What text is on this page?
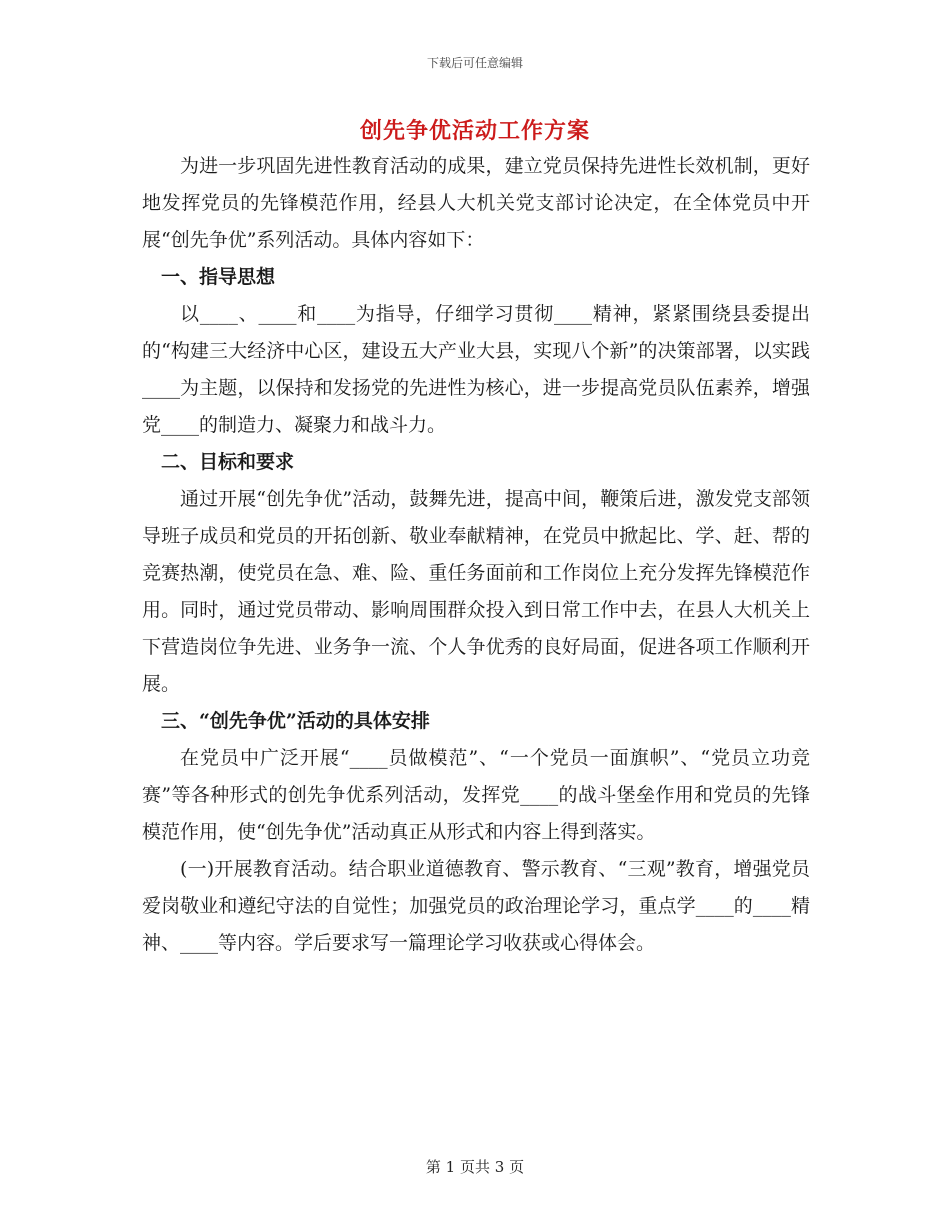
下载后可任意编辑
创先争优活动工作方案

为进一步巩固先进性教育活动的成果，建立党员保持先进性长效机制，更好地发挥党员的先锋模范作用，经县人大机关党支部讨论决定，在全体党员中开展“创先争优”系列活动。具体内容如下：

一、指导思想

以____、____和____为指导，仔细学习贯彻____精神，紧紧围绕县委提出的“构建三大经济中心区，建设五大产业大县，实现八个新”的决策部署，以实践____为主题，以保持和发扬党的先进性为核心，进一步提高党员队伍素养，增强党____的制造力、凝聚力和战斗力。

二、目标和要求

通过开展“创先争优”活动，鼓舞先进，提高中间，鞭策后进，激发党支部领导班子成员和党员的开拓创新、敬业奉献精神，在党员中掀起比、学、赶、帮的竞赛热潮，使党员在急、难、险、重任务面前和工作岗位上充分发挥先锋模范作用。同时，通过党员带动、影响周围群众投入到日常工作中去，在县人大机关上下营造岗位争先进、业务争一流、个人争优秀的良好局面，促进各项工作顺利开展。

三、“创先争优”活动的具体安排

在党员中广泛开展“____员做模范”、“一个党员一面旗帜”、“党员立功竞赛”等各种形式的创先争优系列活动，发挥党____的战斗堡垒作用和党员的先锋模范作用，使“创先争优”活动真正从形式和内容上得到落实。

(一)开展教育活动。结合职业道德教育、警示教育、“三观”教育，增强党员爱岗敬业和遵纪守法的自觉性；加强党员的政治理论学习，重点学____的____精神、____等内容。学后要求写一篇理论学习收获或心得体会。

第 1 页共 3 页
